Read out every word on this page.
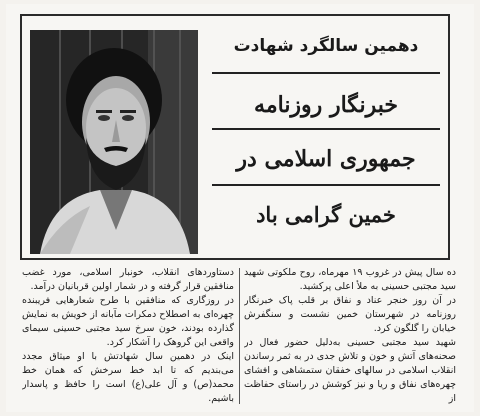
دهمین سالگرد شهادت
خبرنگار روزنامه
جمهوری اسلامی در
خمین گرامی باد

ده سال پیش در غروب ۱۹ مهرماه، روح ملکوتی شهید سید مجتبی حسینی به ملأ اعلی پرکشید.

در آن روز خنجر عناد و نفاق بر قلب پاک خبرنگار روزنامه در شهرستان خمین نشست و سنگفرش خیابان را گلگون کرد.

شهید سید مجتبی حسینی به‌دلیل حضور فعال در صحنه‌های آتش و خون و تلاش جدی در به ثمر رساندن انقلاب اسلامی در سالهای خفقان ستمشاهی و افشای چهره‌های نفاق و ریا و نیز کوشش در راستای حفاظت از

دستاوردهای انقلاب، خونبار اسلامی، مورد غضب منافقین قرار گرفته و در شمار اولین قربانیان درآمد.

در روزگاری که منافقین با طرح شعارهایی فریبنده چهره‌ای به اصطلاح دمکرات مآبانه از خویش به نمایش گذارده بودند، خون سرخ سید مجتبی حسینی سیمای واقعی این گروهک را آشکار کرد.

اینک در دهمین سال شهادتش با او میثاق مجدد می‌بندیم که تا ابد خط سرخش که همان خط محمد(ص) و آل علی(ع) است را حافظ و پاسدار باشیم.
